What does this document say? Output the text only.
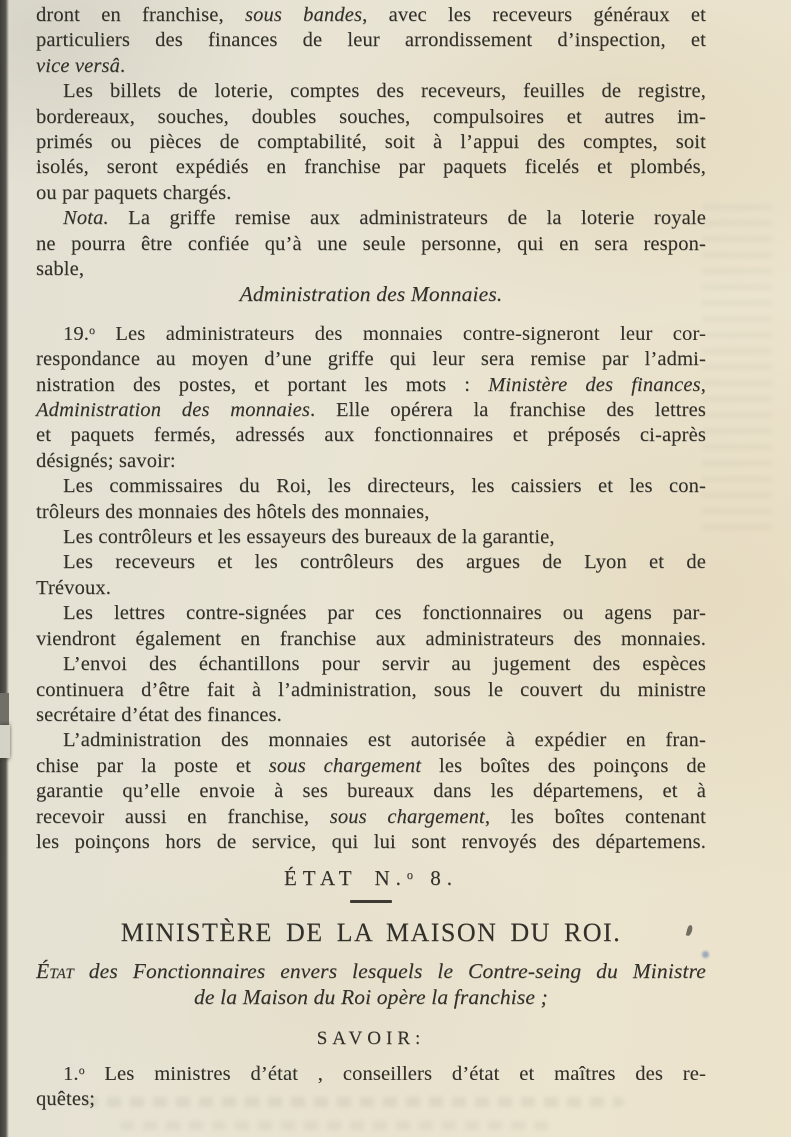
dront en franchise, sous bandes, avec les receveurs généraux et
particuliers des finances de leur arrondissement d’inspection, et
vice versâ.
Les billets de loterie, comptes des receveurs, feuilles de registre,
bordereaux, souches, doubles souches, compulsoires et autres im-
primés ou pièces de comptabilité, soit à l’appui des comptes, soit
isolés, seront expédiés en franchise par paquets ficelés et plombés,
ou par paquets chargés.
Nota. La griffe remise aux administrateurs de la loterie royale
ne pourra être confiée qu’à une seule personne, qui en sera respon-
sable,
Administration des Monnaies.
19.$^o$ Les administrateurs des monnaies contre-signeront leur cor-
respondance au moyen d’une griffe qui leur sera remise par l’admi-
nistration des postes, et portant les mots : Ministère des finances,
Administration des monnaies. Elle opérera la franchise des lettres
et paquets fermés, adressés aux fonctionnaires et préposés ci-après
désignés; savoir:
Les commissaires du Roi, les directeurs, les caissiers et les con-
trôleurs des monnaies des hôtels des monnaies,
Les contrôleurs et les essayeurs des bureaux de la garantie,
Les receveurs et les contrôleurs des argues de Lyon et de
Trévoux.
Les lettres contre-signées par ces fonctionnaires ou agens par-
viendront également en franchise aux administrateurs des monnaies.
L’envoi des échantillons pour servir au jugement des espèces
continuera d’être fait à l’administration, sous le couvert du ministre
secrétaire d’état des finances.
L’administration des monnaies est autorisée à expédier en fran-
chise par la poste et sous chargement les boîtes des poinçons de
garantie qu’elle envoie à ses bureaux dans les départemens, et à
recevoir aussi en franchise, sous chargement, les boîtes contenant
les poinçons hors de service, qui lui sont renvoyés des départemens.
ÉTAT N.$^o$ 8.
MINISTÈRE DE LA MAISON DU ROI.
État des Fonctionnaires envers lesquels le Contre-seing du Ministre
de la Maison du Roi opère la franchise ;
SAVOIR:
1.$^o$ Les ministres d’état , conseillers d’état et maîtres des re-
quêtes;
